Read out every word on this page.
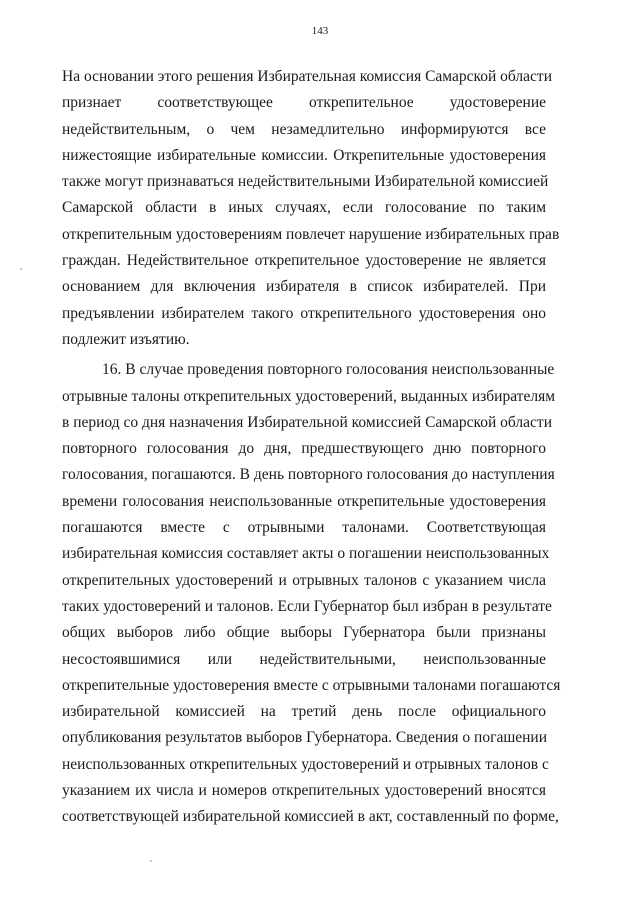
143
На основании этого решения Избирательная комиссия Самарской области
признает соответствующее открепительное удостоверение
недействительным, о чем незамедлительно информируются все
нижестоящие избирательные комиссии. Открепительные удостоверения
также могут признаваться недействительными Избирательной комиссией
Самарской области в иных случаях, если голосование по таким
открепительным удостоверениям повлечет нарушение избирательных прав
граждан. Недействительное открепительное удостоверение не является
основанием для включения избирателя в список избирателей. При
предъявлении избирателем такого открепительного удостоверения оно
подлежит изъятию.
16. В случае проведения повторного голосования неиспользованные
отрывные талоны открепительных удостоверений, выданных избирателям
в период со дня назначения Избирательной комиссией Самарской области
повторного голосования до дня, предшествующего дню повторного
голосования, погашаются. В день повторного голосования до наступления
времени голосования неиспользованные открепительные удостоверения
погашаются вместе с отрывными талонами. Соответствующая
избирательная комиссия составляет акты о погашении неиспользованных
открепительных удостоверений и отрывных талонов с указанием числа
таких удостоверений и талонов. Если Губернатор был избран в результате
общих выборов либо общие выборы Губернатора были признаны
несостоявшимися или недействительными, неиспользованные
открепительные удостоверения вместе с отрывными талонами погашаются
избирательной комиссией на третий день после официального
опубликования результатов выборов Губернатора. Сведения о погашении
неиспользованных открепительных удостоверений и отрывных талонов с
указанием их числа и номеров открепительных удостоверений вносятся
соответствующей избирательной комиссией в акт, составленный по форме,
